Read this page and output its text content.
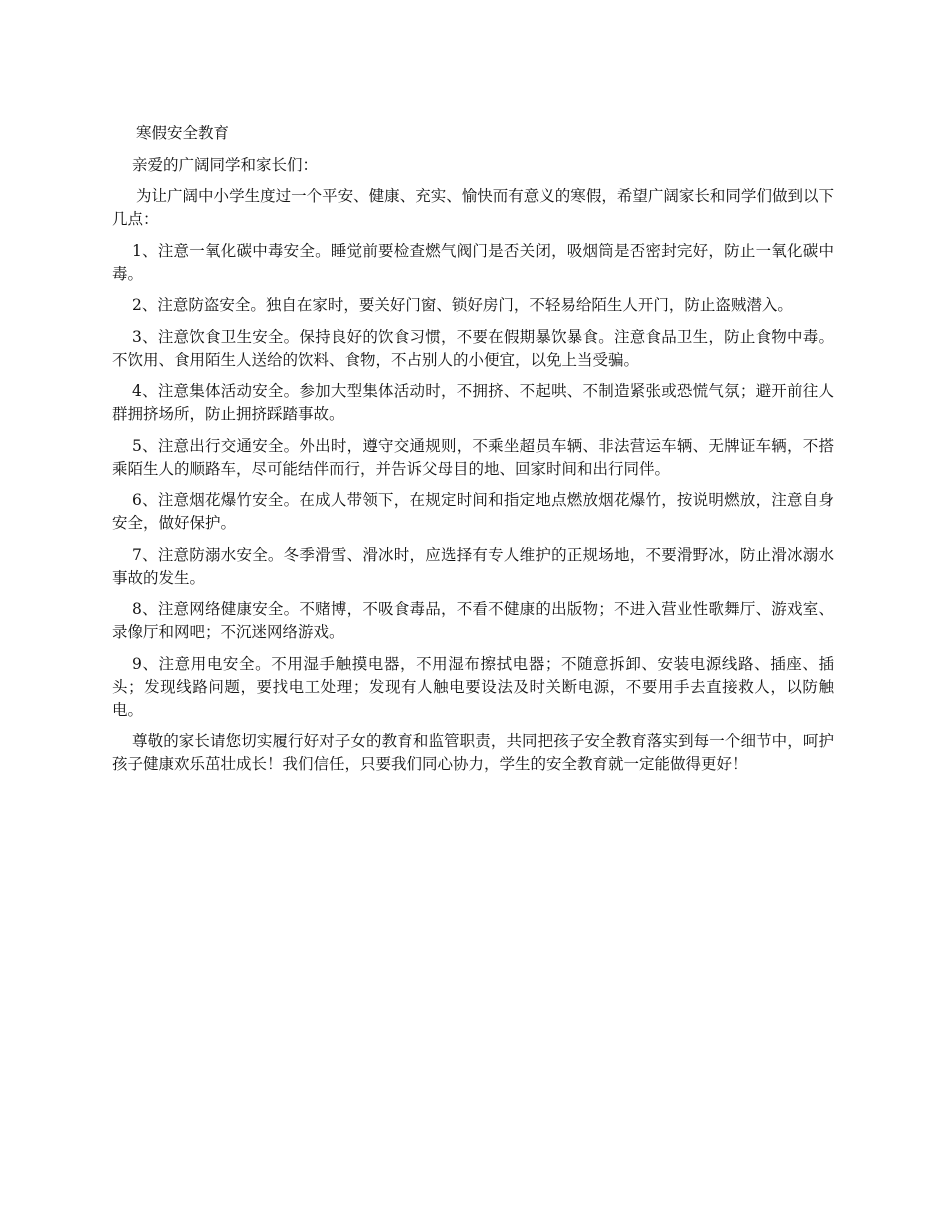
寒假安全教育

亲爱的广阔同学和家长们：

为让广阔中小学生度过一个平安、健康、充实、愉快而有意义的寒假，希望广阔家长和同学们做到以下几点：

1、注意一氧化碳中毒安全。睡觉前要检查燃气阀门是否关闭，吸烟筒是否密封完好，防止一氧化碳中毒。

2、注意防盗安全。独自在家时，要关好门窗、锁好房门，不轻易给陌生人开门，防止盗贼潜入。

3、注意饮食卫生安全。保持良好的饮食习惯，不要在假期暴饮暴食。注意食品卫生，防止食物中毒。不饮用、食用陌生人送给的饮料、食物，不占别人的小便宜，以免上当受骗。

4、注意集体活动安全。参加大型集体活动时，不拥挤、不起哄、不制造紧张或恐慌气氛；避开前往人群拥挤场所，防止拥挤踩踏事故。

5、注意出行交通安全。外出时，遵守交通规则，不乘坐超员车辆、非法营运车辆、无牌证车辆，不搭乘陌生人的顺路车，尽可能结伴而行，并告诉父母目的地、回家时间和出行同伴。

6、注意烟花爆竹安全。在成人带领下，在规定时间和指定地点燃放烟花爆竹，按说明燃放，注意自身安全，做好保护。

7、注意防溺水安全。冬季滑雪、滑冰时，应选择有专人维护的正规场地，不要滑野冰，防止滑冰溺水事故的发生。

8、注意网络健康安全。不赌博，不吸食毒品，不看不健康的出版物；不进入营业性歌舞厅、游戏室、录像厅和网吧；不沉迷网络游戏。

9、注意用电安全。不用湿手触摸电器，不用湿布擦拭电器；不随意拆卸、安装电源线路、插座、插头；发现线路问题，要找电工处理；发现有人触电要设法及时关断电源，不要用手去直接救人，以防触电。

尊敬的家长请您切实履行好对子女的教育和监管职责，共同把孩子安全教育落实到每一个细节中，呵护孩子健康欢乐茁壮成长！我们信任，只要我们同心协力，学生的安全教育就一定能做得更好！
